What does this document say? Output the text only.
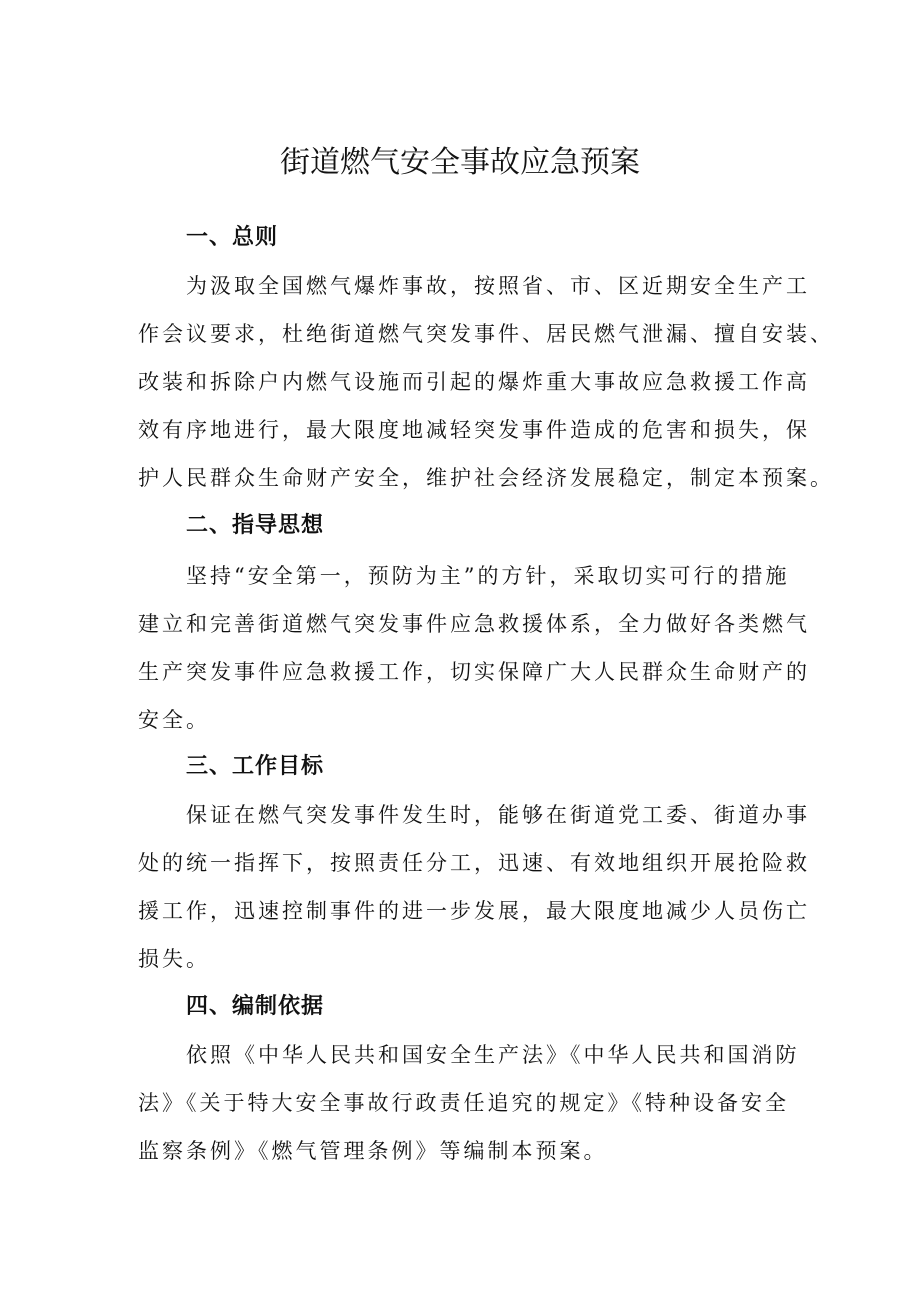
街道燃气安全事故应急预案
一、总则
为汲取全国燃气爆炸事故，按照省、市、区近期安全生产工
作会议要求，杜绝街道燃气突发事件、居民燃气泄漏、擅自安装、
改装和拆除户内燃气设施而引起的爆炸重大事故应急救援工作高
效有序地进行，最大限度地减轻突发事件造成的危害和损失，保
护人民群众生命财产安全，维护社会经济发展稳定，制定本预案。
二、指导思想
坚持“安全第一，预防为主”的方针，采取切实可行的措施
建立和完善街道燃气突发事件应急救援体系，全力做好各类燃气
生产突发事件应急救援工作，切实保障广大人民群众生命财产的
安全。
三、工作目标
保证在燃气突发事件发生时，能够在街道党工委、街道办事
处的统一指挥下，按照责任分工，迅速、有效地组织开展抢险救
援工作，迅速控制事件的进一步发展，最大限度地减少人员伤亡
损失。
四、编制依据
依照《中华人民共和国安全生产法》《中华人民共和国消防
法》《关于特大安全事故行政责任追究的规定》《特种设备安全
监察条例》《燃气管理条例》等编制本预案。
